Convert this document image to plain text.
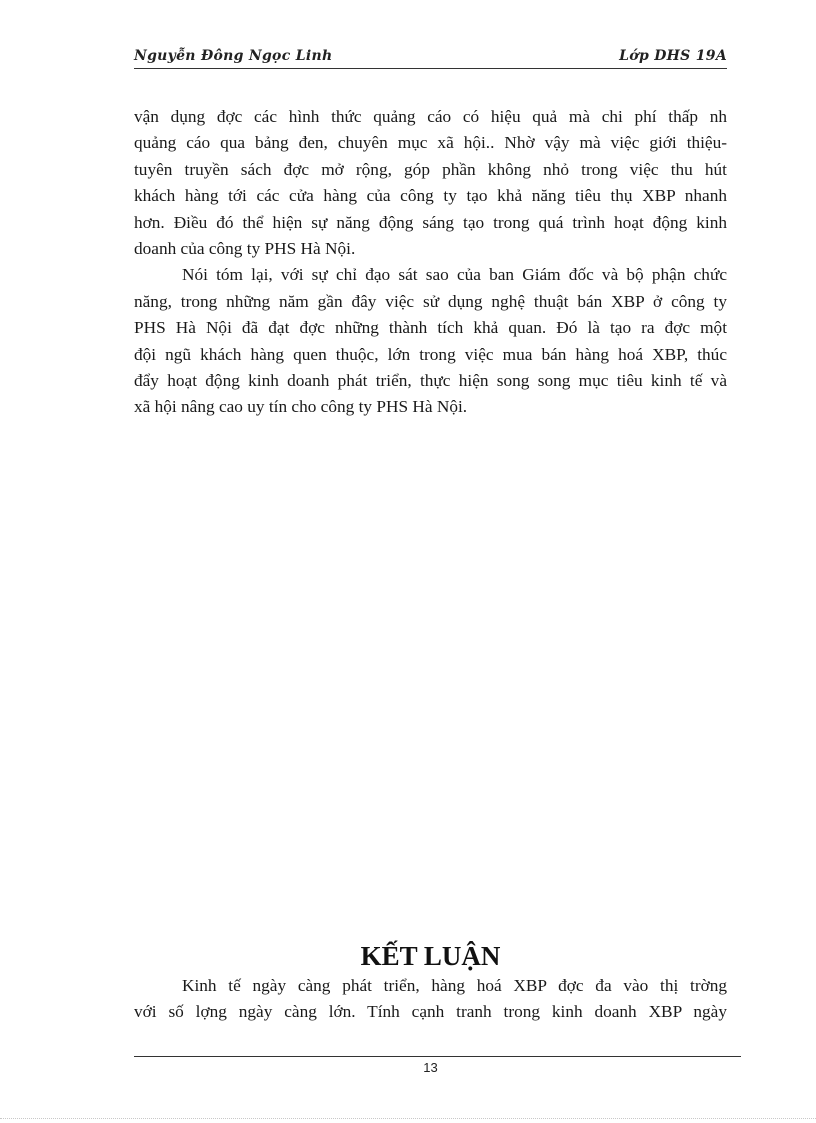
Nguyễn Đông Ngọc Linh	Lớp DHS 19A
vận dụng đợc các hình thức quảng cáo có hiệu quả mà chi phí thấp nh
quảng cáo qua bảng đen, chuyên mục xã hội.. Nhờ vậy mà việc giới thiệu-
tuyên truyền sách đợc mở rộng, góp phần không nhỏ trong việc thu hút
khách hàng tới các cửa hàng của công ty tạo khả năng tiêu thụ XBP nhanh
hơn. Điều đó thể hiện sự năng động sáng tạo trong quá trình hoạt động kinh
doanh của công ty PHS Hà Nội.
Nói tóm lại, với sự chỉ đạo sát sao của ban Giám đốc và bộ phận chức
năng, trong những năm gần đây việc sử dụng nghệ thuật bán XBP ở công ty
PHS Hà Nội đã đạt đợc những thành tích khả quan. Đó là tạo ra đợc một
đội ngũ khách hàng quen thuộc, lớn trong việc mua bán hàng hoá XBP, thúc
đẩy hoạt động kinh doanh phát triển, thực hiện song song mục tiêu kinh tế và
xã hội nâng cao uy tín cho công ty PHS Hà Nội.
KẾT LUẬN
Kinh tế ngày càng phát triển, hàng hoá XBP đợc đa vào thị trờng
với số lợng ngày càng lớn. Tính cạnh tranh trong kinh doanh XBP ngày
13
